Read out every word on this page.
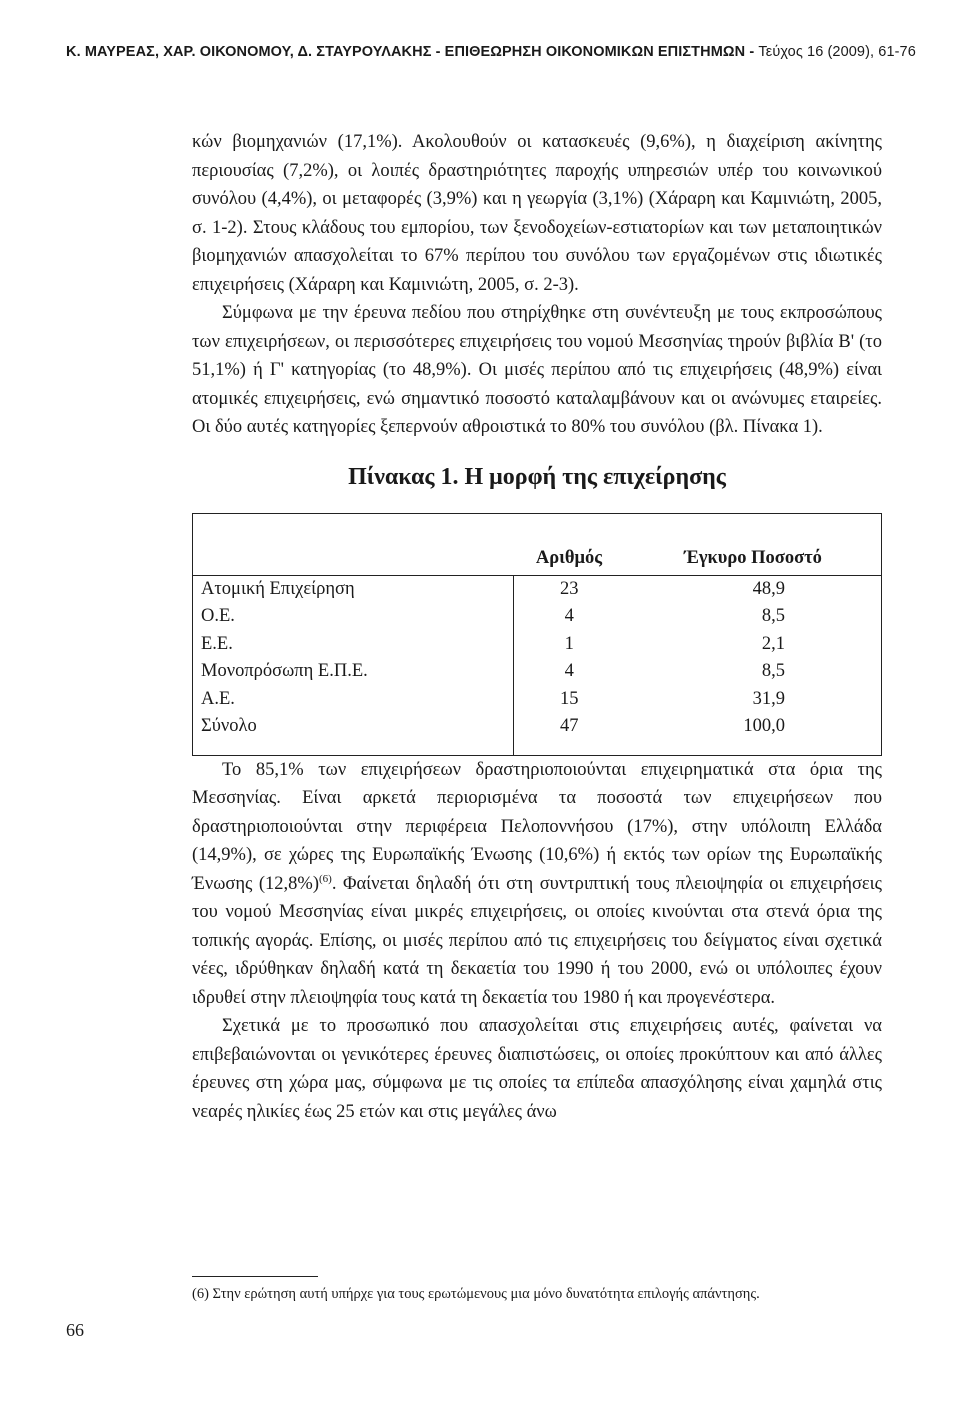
Κ. ΜΑΥΡΕΑΣ, ΧΑΡ. ΟΙΚΟΝΟΜΟΥ, Δ. ΣΤΑΥΡΟΥΛΑΚΗΣ - ΕΠΙΘΕΩΡΗΣΗ ΟΙΚΟΝΟΜΙΚΩΝ ΕΠΙΣΤΗΜΩΝ - Τεύχος 16 (2009), 61-76

κών βιομηχανιών (17,1%). Ακολουθούν οι κατασκευές (9,6%), η διαχείριση ακίνητης περιουσίας (7,2%), οι λοιπές δραστηριότητες παροχής υπηρεσιών υπέρ του κοινωνικού συνόλου (4,4%), οι μεταφορές (3,9%) και η γεωργία (3,1%) (Χάραρη και Καμινιώτη, 2005, σ. 1-2). Στους κλάδους του εμπορίου, των ξενοδοχείων-εστιατορίων και των μεταποιητικών βιομηχανιών απασχολείται το 67% περίπου του συνόλου των εργαζομένων στις ιδιωτικές επιχειρήσεις (Χάραρη και Καμινιώτη, 2005, σ. 2-3).

Σύμφωνα με την έρευνα πεδίου που στηρίχθηκε στη συνέντευξη με τους εκπροσώπους των επιχειρήσεων, οι περισσότερες επιχειρήσεις του νομού Μεσσηνίας τηρούν βιβλία Β' (το 51,1%) ή Γ' κατηγορίας (το 48,9%). Οι μισές περίπου από τις επιχειρήσεις (48,9%) είναι ατομικές επιχειρήσεις, ενώ σημαντικό ποσοστό καταλαμβάνουν και οι ανώνυμες εταιρείες. Οι δύο αυτές κατηγορίες ξεπερνούν αθροιστικά το 80% του συνόλου (βλ. Πίνακα 1).

Πίνακας 1. Η μορφή της επιχείρησης
	Αριθμός	Έγκυρο Ποσοστό
Ατομική Επιχείρηση	23	48,9
Ο.Ε.	4	8,5
Ε.Ε.	1	2,1
Μονοπρόσωπη Ε.Π.Ε.	4	8,5
Α.Ε.	15	31,9
Σύνολο	47	100,0

Το 85,1% των επιχειρήσεων δραστηριοποιούνται επιχειρηματικά στα όρια της Μεσσηνίας. Είναι αρκετά περιορισμένα τα ποσοστά των επιχειρήσεων που δραστηριοποιούνται στην περιφέρεια Πελοποννήσου (17%), στην υπόλοιπη Ελλάδα (14,9%), σε χώρες της Ευρωπαϊκής Ένωσης (10,6%) ή εκτός των ορίων της Ευρωπαϊκής Ένωσης $(12,8\%)^{(6)}$. Φαίνεται δηλαδή ότι στη συντριπτική τους πλειοψηφία οι επιχειρήσεις του νομού Μεσσηνίας είναι μικρές επιχειρήσεις, οι οποίες κινούνται στα στενά όρια της τοπικής αγοράς. Επίσης, οι μισές περίπου από τις επιχειρήσεις του δείγματος είναι σχετικά νέες, ιδρύθηκαν δηλαδή κατά τη δεκαετία του 1990 ή του 2000, ενώ οι υπόλοιπες έχουν ιδρυθεί στην πλειοψηφία τους κατά τη δεκαετία του 1980 ή και προγενέστερα.

Σχετικά με το προσωπικό που απασχολείται στις επιχειρήσεις αυτές, φαίνεται να επιβεβαιώνονται οι γενικότερες έρευνες διαπιστώσεις, οι οποίες προκύπτουν και από άλλες έρευνες στη χώρα μας, σύμφωνα με τις οποίες τα επίπεδα απασχόλησης είναι χαμηλά στις νεαρές ηλικίες έως 25 ετών και στις μεγάλες άνω

(6) Στην ερώτηση αυτή υπήρχε για τους ερωτώμενους μια μόνο δυνατότητα επιλογής απάντησης.
66
